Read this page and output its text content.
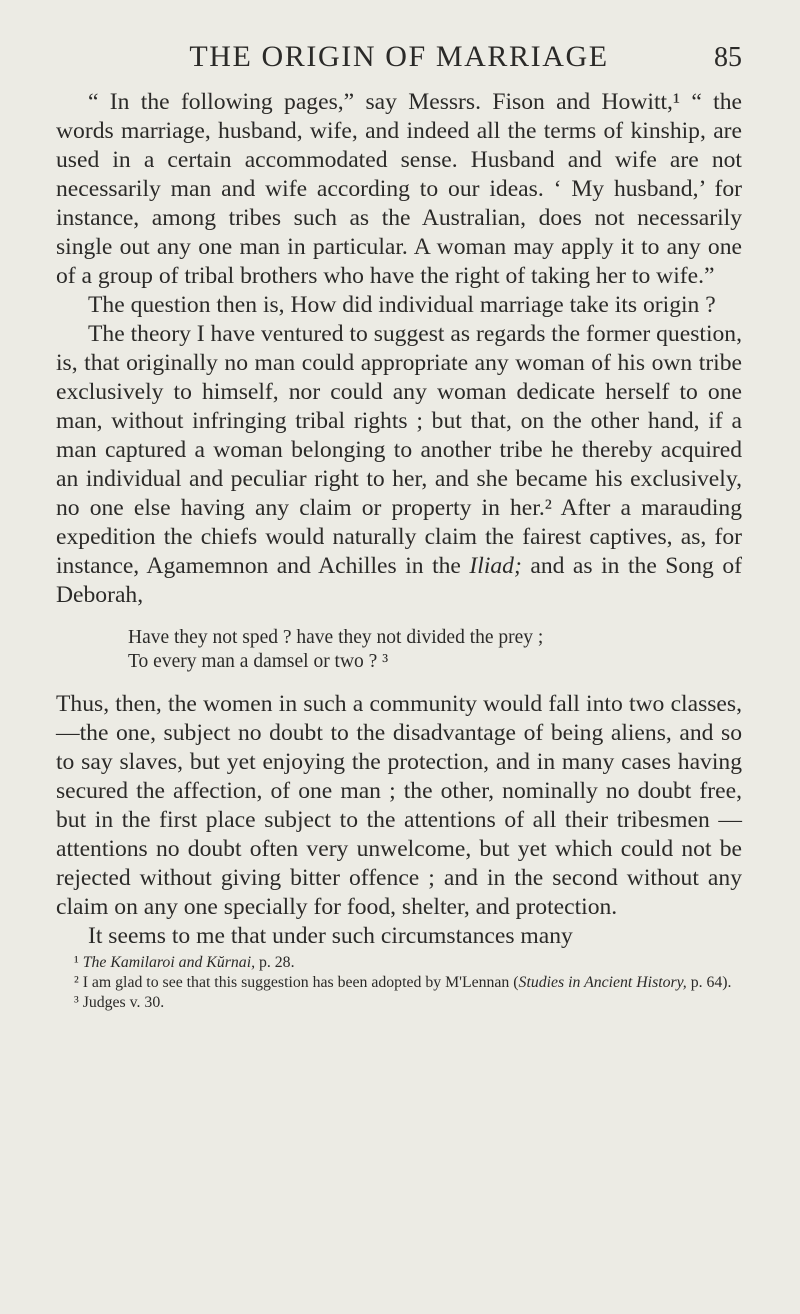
THE ORIGIN OF MARRIAGE	85

“ In the following pages,” say Messrs. Fison and Howitt,¹ “ the words marriage, husband, wife, and indeed all the terms of kinship, are used in a certain accommodated sense. Husband and wife are not necessarily man and wife according to our ideas. ‘ My husband,’ for instance, among tribes such as the Australian, does not necessarily single out any one man in particular. A woman may apply it to any one of a group of tribal brothers who have the right of taking her to wife.”

The question then is, How did individual marriage take its origin ?

The theory I have ventured to suggest as regards the former question, is, that originally no man could appropriate any woman of his own tribe exclusively to himself, nor could any woman dedicate herself to one man, without infringing tribal rights ; but that, on the other hand, if a man captured a woman belonging to another tribe he thereby acquired an individual and peculiar right to her, and she became his exclusively, no one else having any claim or property in her.² After a marauding expedition the chiefs would naturally claim the fairest captives, as, for instance, Agamemnon and Achilles in the Iliad; and as in the Song of Deborah,

Have they not sped ? have they not divided the prey ;
To every man a damsel or two ? ³

Thus, then, the women in such a community would fall into two classes,—the one, subject no doubt to the disadvantage of being aliens, and so to say slaves, but yet enjoying the protection, and in many cases having secured the affection, of one man ; the other, nominally no doubt free, but in the first place subject to the attentions of all their tribesmen —attentions no doubt often very unwelcome, but yet which could not be rejected without giving bitter offence ; and in the second without any claim on any one specially for food, shelter, and protection.

It seems to me that under such circumstances many

¹ The Kamilaroi and Kŭrnai, p. 28.
² I am glad to see that this suggestion has been adopted by M'Lennan (Studies in Ancient History, p. 64).
³ Judges v. 30.
